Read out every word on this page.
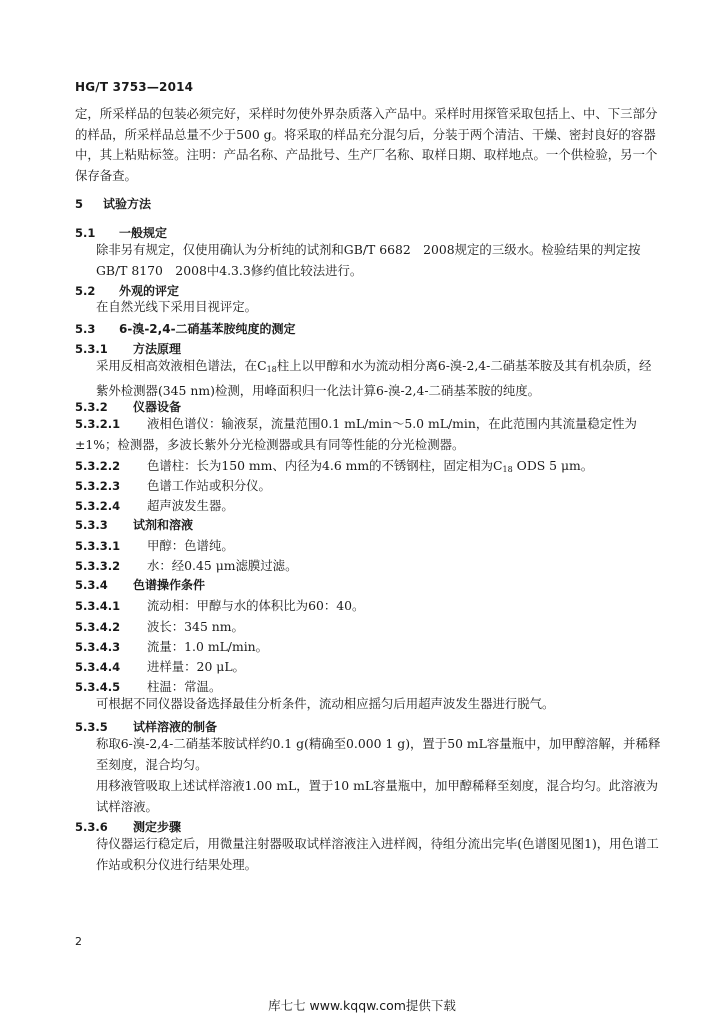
HG/T 3753—2014
定，所采样品的包装必须完好，采样时勿使外界杂质落入产品中。采样时用探管采取包括上、中、下三部分的样品，所采样品总量不少于500 g。将采取的样品充分混匀后，分装于两个清洁、干燥、密封良好的容器中，其上粘贴标签。注明：产品名称、产品批号、生产厂名称、取样日期、取样地点。一个供检验，另一个保存备查。
5 试验方法
5.1 一般规定
除非另有规定，仅使用确认为分析纯的试剂和GB/T 6682　2008规定的三级水。检验结果的判定按GB/T 8170　2008中4.3.3修约值比较法进行。
5.2 外观的评定
在自然光线下采用目视评定。
5.3 6-溴-2,4-二硝基苯胺纯度的测定
5.3.1 方法原理
采用反相高效液相色谱法，在$C_{18}$柱上以甲醇和水为流动相分离6-溴-2,4-二硝基苯胺及其有机杂质，经紫外检测器(345 nm)检测，用峰面积归一化法计算6-溴-2,4-二硝基苯胺的纯度。
5.3.2 仪器设备
5.3.2.1 液相色谱仪：输液泵，流量范围0.1 mL/min～5.0 mL/min，在此范围内其流量稳定性为±1%；检测器，多波长紫外分光检测器或具有同等性能的分光检测器。
5.3.2.2 色谱柱：长为150 mm、内径为4.6 mm的不锈钢柱，固定相为$C_{18}$ ODS 5 μm。
5.3.2.3 色谱工作站或积分仪。
5.3.2.4 超声波发生器。
5.3.3 试剂和溶液
5.3.3.1 甲醇：色谱纯。
5.3.3.2 水：经0.45 μm滤膜过滤。
5.3.4 色谱操作条件
5.3.4.1 流动相：甲醇与水的体积比为60：40。
5.3.4.2 波长：345 nm。
5.3.4.3 流量：1.0 mL/min。
5.3.4.4 进样量：20 μL。
5.3.4.5 柱温：常温。
可根据不同仪器设备选择最佳分析条件，流动相应摇匀后用超声波发生器进行脱气。
5.3.5 试样溶液的制备
称取6-溴-2,4-二硝基苯胺试样约0.1 g(精确至0.000 1 g)，置于50 mL容量瓶中，加甲醇溶解，并稀释至刻度，混合均匀。
用移液管吸取上述试样溶液1.00 mL，置于10 mL容量瓶中，加甲醇稀释至刻度，混合均匀。此溶液为试样溶液。
5.3.6 测定步骤
待仪器运行稳定后，用微量注射器吸取试样溶液注入进样阀，待组分流出完毕(色谱图见图1)，用色谱工作站或积分仪进行结果处理。
2
库七七 www.kqqw.com提供下载
